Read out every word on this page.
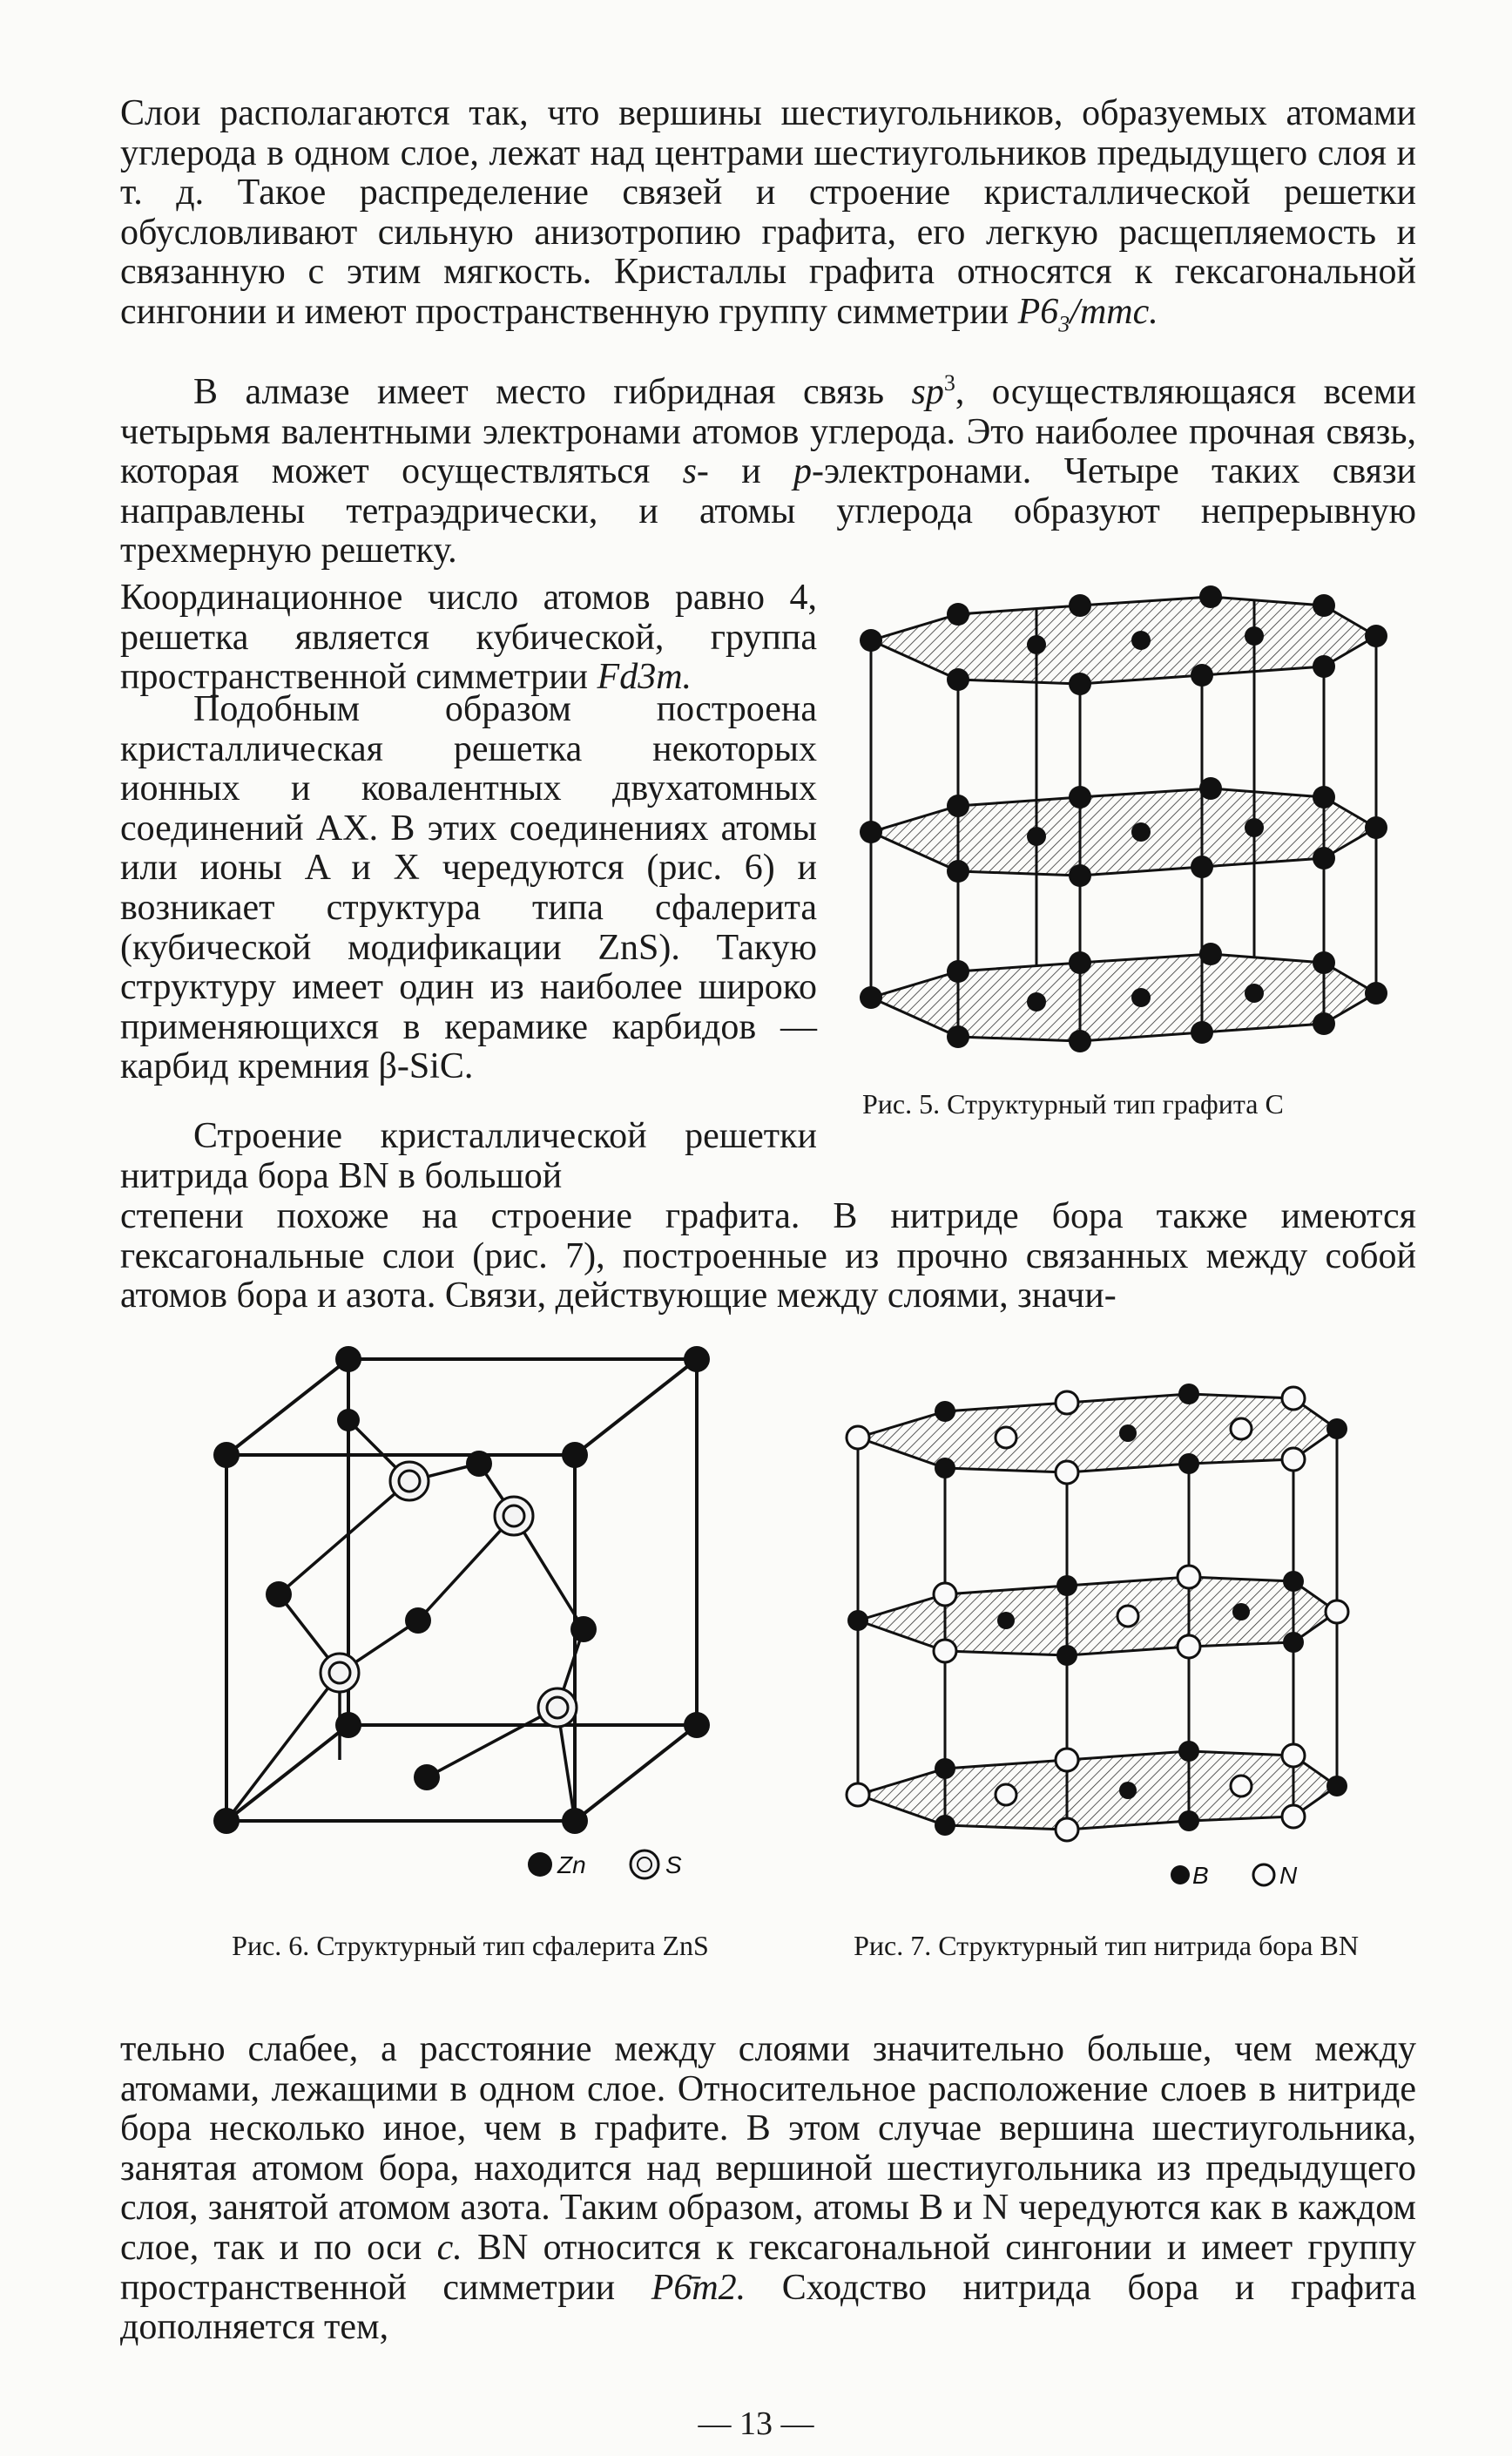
Слои располагаются так, что вершины шестиугольников, образуемых атомами углерода в одном слое, лежат над центрами шестиугольников предыдущего слоя и т. д. Такое распределение связей и строение кристаллической решетки обусловливают сильную анизотропию графита, его легкую расщепляемость и связанную с этим мягкость. Кристаллы графита относятся к гексагональной сингонии и имеют пространственную группу симметрии $P6_3$/mmc.

В алмазе имеет место гибридная связь $sp^3$, осуществляющаяся всеми четырьмя валентными электронами атомов углерода. Это наиболее прочная связь, которая может осуществляться s- и p-электронами. Четыре таких связи направлены тетраэдрически, и атомы углерода образуют непрерывную трехмерную решетку.

Координационное число атомов равно 4, решетка является кубической, группа пространственной симметрии Fd3m.

Подобным образом построена кристаллическая решетка некоторых ионных и ковалентных двухатомных соединений AX. В этих соединениях атомы или ионы A и X чередуются (рис. 6) и возникает структура типа сфалерита (кубической модификации ZnS). Такую структуру имеет один из наиболее широко применяющихся в керамике карбидов — карбид кремния β-SiC.

Строение кристаллической решетки нитрида бора BN в большой

степени похоже на строение графита. В нитриде бора также имеются гексагональные слои (рис. 7), построенные из прочно связанных между собой атомов бора и азота. Связи, действующие между слоями, значи-

Рис. 5. Структурный тип графита C

Zn	S

Рис. 6. Структурный тип сфалерита ZnS

B	N

Рис. 7. Структурный тип нитрида бора BN

тельно слабее, а расстояние между слоями значительно больше, чем между атомами, лежащими в одном слое. Относительное расположение слоев в нитриде бора несколько иное, чем в графите. В этом случае вершина шестиугольника, занятая атомом бора, находится над вершиной шестиугольника из предыдущего слоя, занятой атомом азота. Таким образом, атомы B и N чередуются как в каждом слое, так и по оси c. BN относится к гексагональной сингонии и имеет группу пространственной симметрии P6̄m2. Сходство нитрида бора и графита дополняется тем,

— 13 —
